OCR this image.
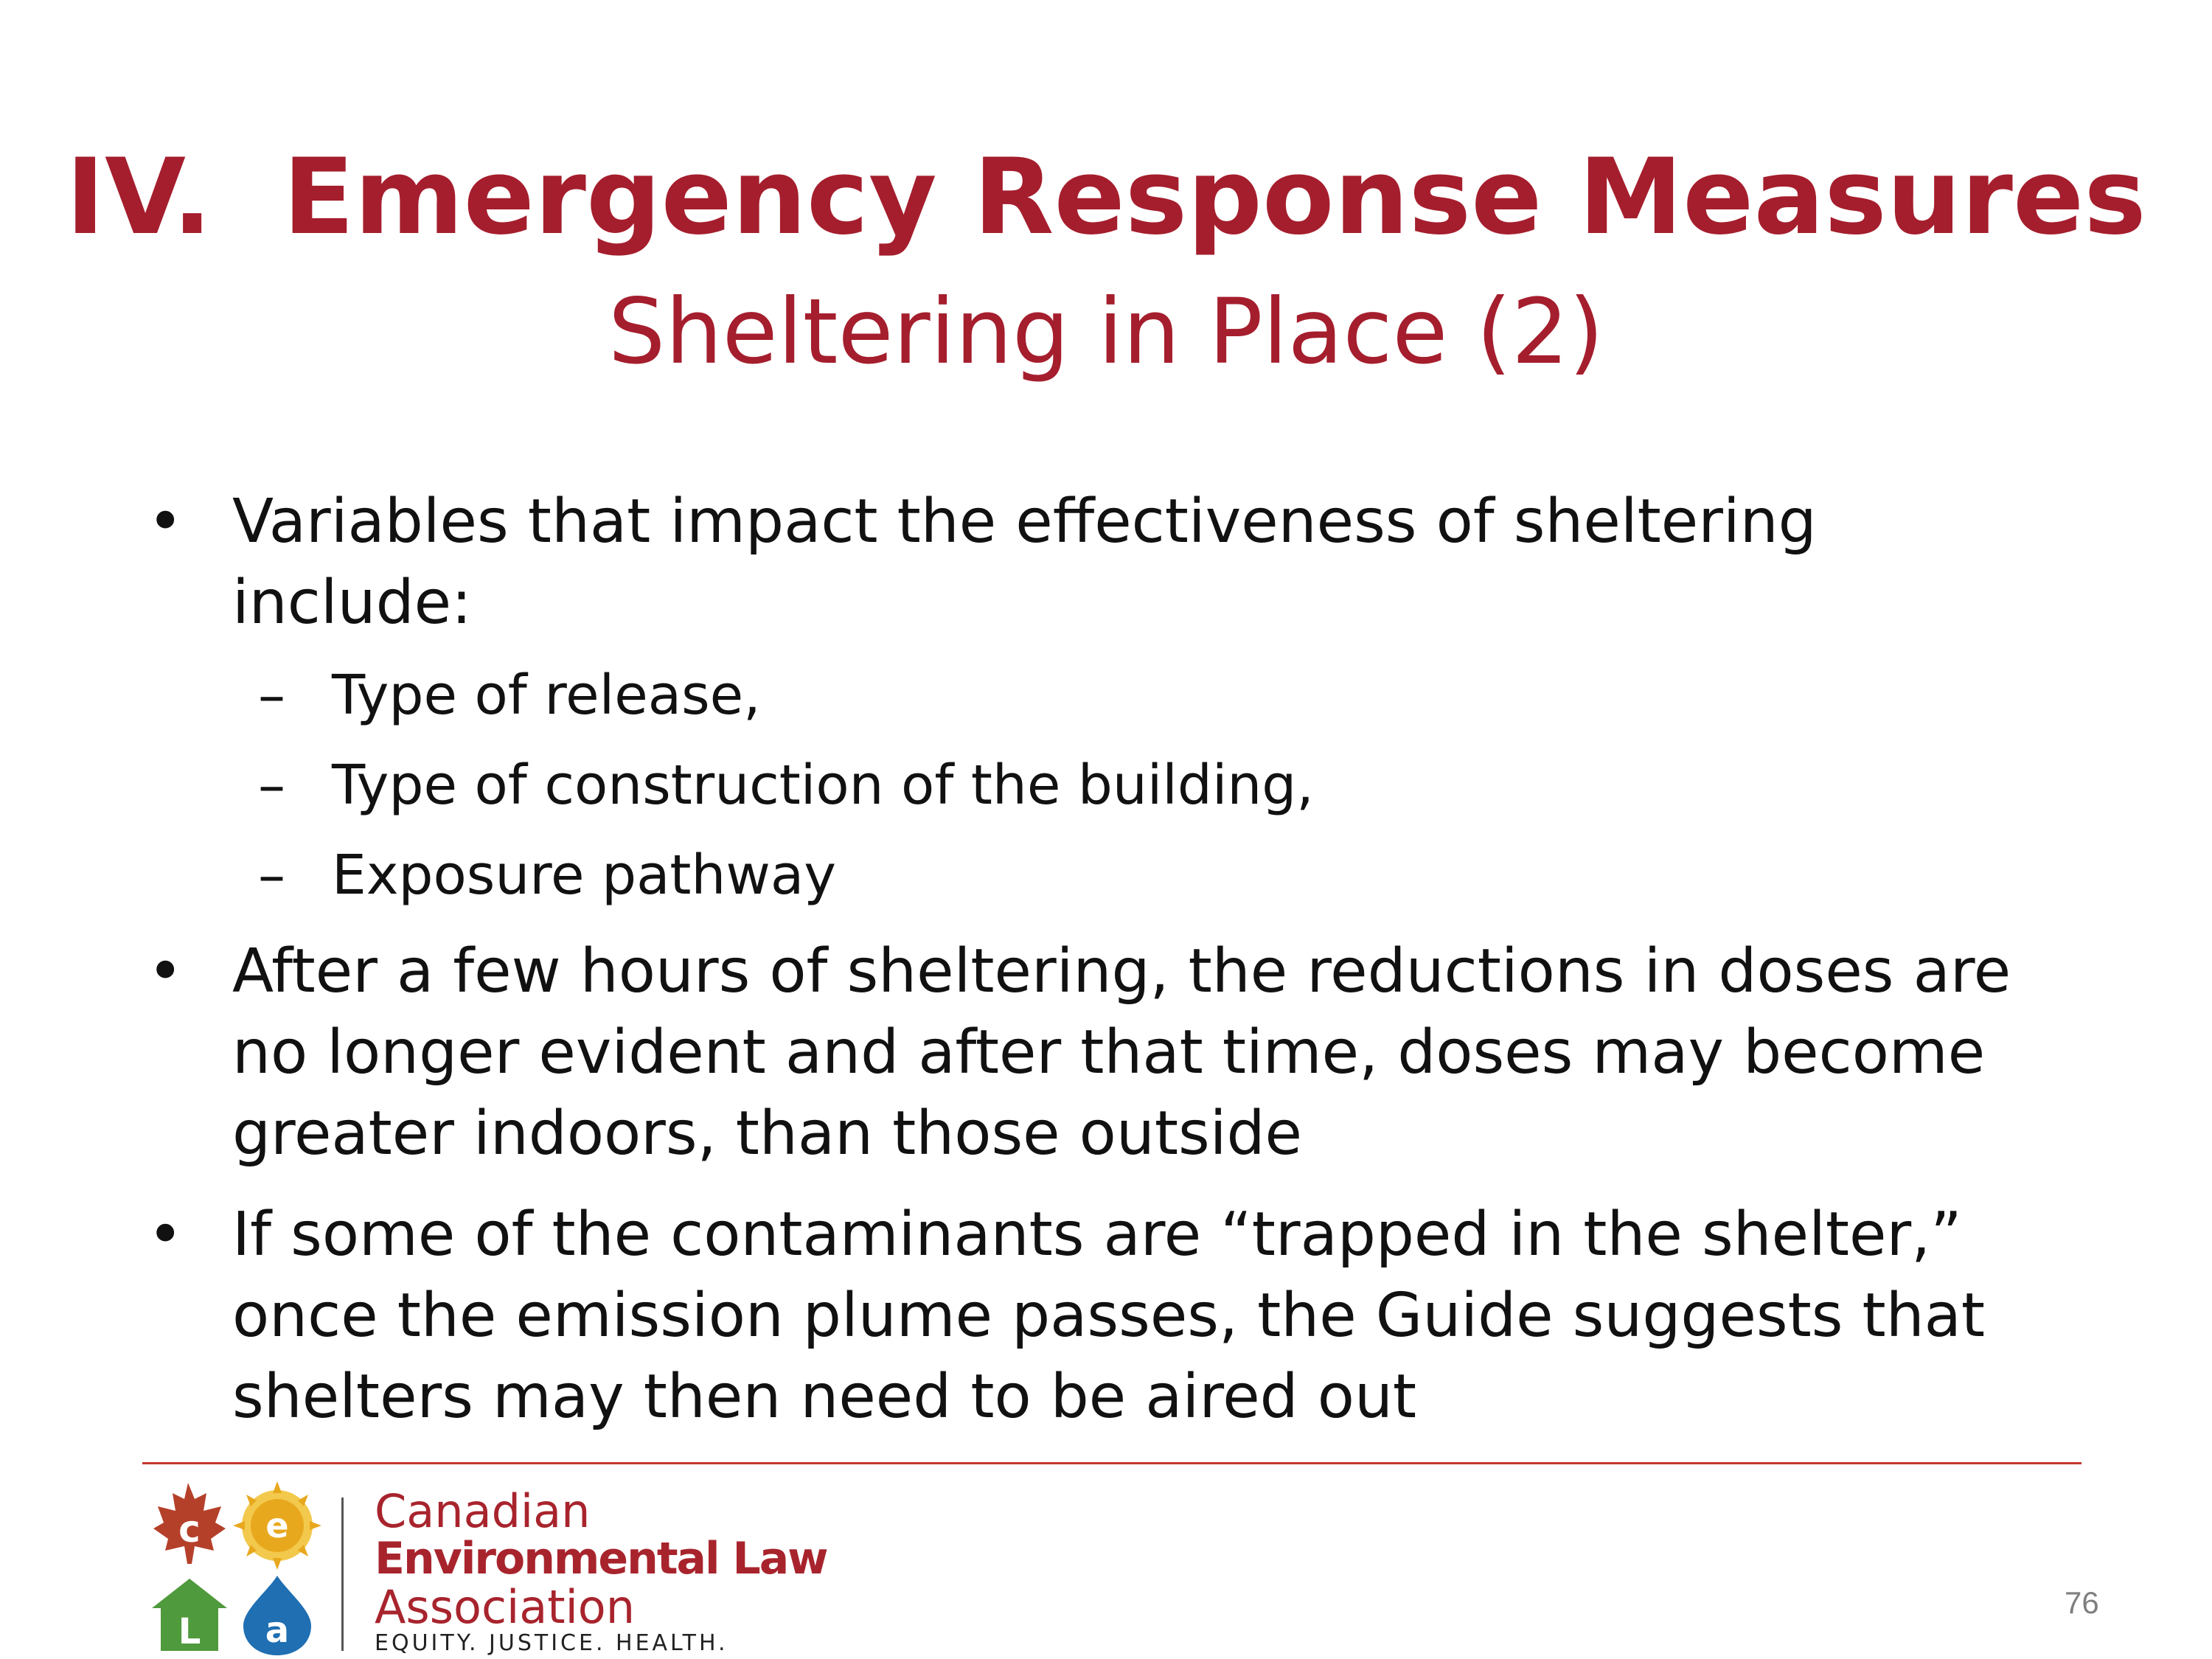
IV. Emergency Response Measures
Sheltering in Place (2)
• Variables that impact the effectiveness of sheltering
include:
– Type of release,
– Type of construction of the building,
– Exposure pathway
• After a few hours of sheltering, the reductions in doses are
no longer evident and after that time, doses may become
greater indoors, than those outside
• If some of the contaminants are “trapped in the shelter,”
once the emission plume passes, the Guide suggests that
shelters may then need to be aired out
c e
L a
Canadian
Environmental Law
Association
EQUITY. JUSTICE. HEALTH.
76
